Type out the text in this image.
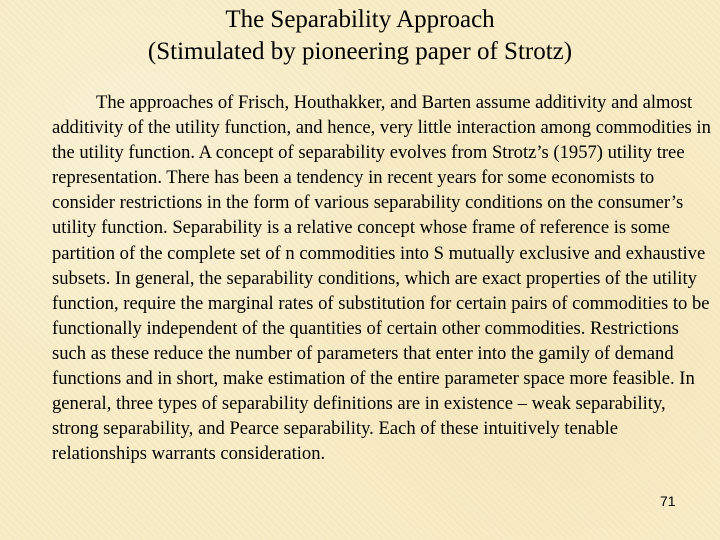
The Separability Approach
(Stimulated by pioneering paper of Strotz)

The approaches of Frisch, Houthakker, and Barten assume additivity and almost additivity of the utility function, and hence, very little interaction among commodities in the utility function. A concept of separability evolves from Strotz’s (1957) utility tree representation. There has been a tendency in recent years for some economists to consider restrictions in the form of various separability conditions on the consumer’s utility function. Separability is a relative concept whose frame of reference is some partition of the complete set of n commodities into S mutually exclusive and exhaustive subsets. In general, the separability conditions, which are exact properties of the utility function, require the marginal rates of substitution for certain pairs of commodities to be functionally independent of the quantities of certain other commodities. Restrictions such as these reduce the number of parameters that enter into the gamily of demand functions and in short, make estimation of the entire parameter space more feasible. In general, three types of separability definitions are in existence – weak separability, strong separability, and Pearce separability. Each of these intuitively tenable relationships warrants consideration.

71
